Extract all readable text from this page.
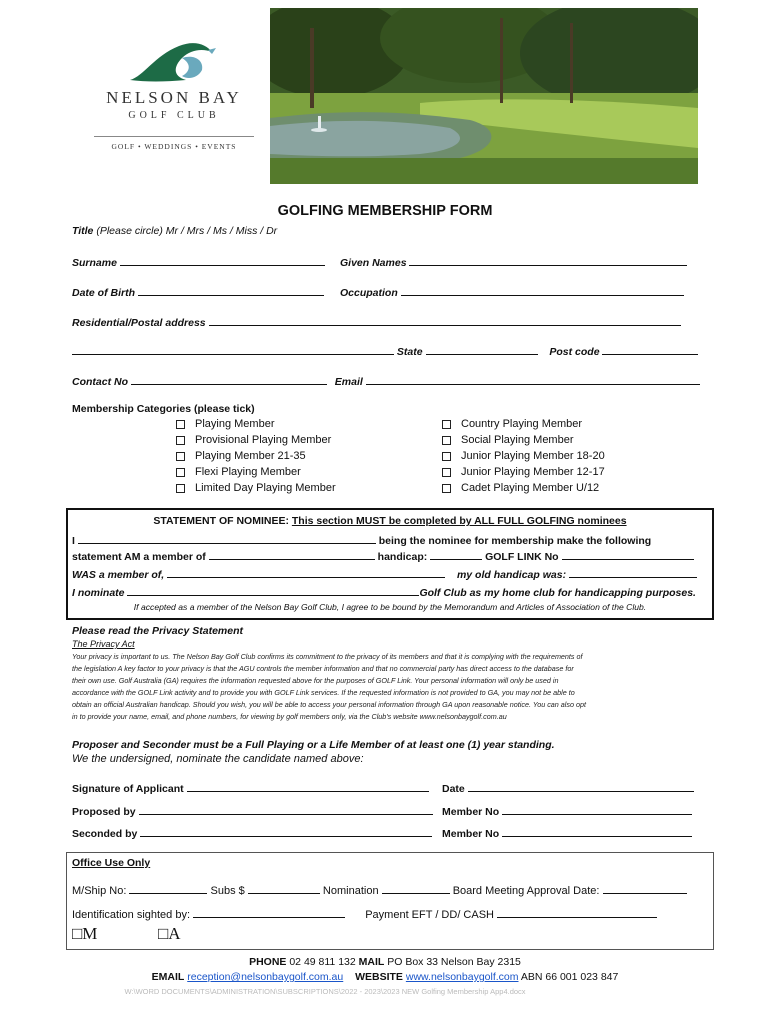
NELSON BAY
GOLF CLUB
GOLF • WEDDINGS • EVENTS
GOLFING MEMBERSHIP FORM
Title (Please circle) Mr / Mrs / Ms / Miss / Dr
Surname	Given Names
Date of Birth	Occupation
Residential/Postal address
State	Post code
Contact No	Email
Membership Categories (please tick)
Playing Member
Provisional Playing Member
Playing Member 21-35
Flexi Playing Member
Limited Day Playing Member
Country Playing Member
Social Playing Member
Junior Playing Member 18-20
Junior Playing Member 12-17
Cadet Playing Member U/12
STATEMENT OF NOMINEE: This section MUST be completed by ALL FULL GOLFING nominees
I	being the nominee for membership make the following
statement AM a member of	handicap:	GOLF LINK No
WAS a member of,	my old handicap was:
I nominate	Golf Club as my home club for handicapping purposes.
If accepted as a member of the Nelson Bay Golf Club, I agree to be bound by the Memorandum and Articles of Association of the Club.
Please read the Privacy Statement
The Privacy Act
Your privacy is important to us. The Nelson Bay Golf Club confirms its commitment to the privacy of its members and that it is complying with the requirements of
the legislation A key factor to your privacy is that the AGU controls the member information and that no commercial party has direct access to the database for
their own use. Golf Australia (GA) requires the information requested above for the purposes of GOLF Link. Your personal information will only be used in
accordance with the GOLF Link activity and to provide you with GOLF Link services. If the requested information is not provided to GA, you may not be able to
obtain an official Australian handicap. Should you wish, you will be able to access your personal information through GA upon reasonable notice. You can also opt
in to provide your name, email, and phone numbers, for viewing by golf members only, via the Club's website www.nelsonbaygolf.com.au
Proposer and Seconder must be a Full Playing or a Life Member of at least one (1) year standing.
We the undersigned, nominate the candidate named above:
Signature of Applicant	Date
Proposed by	Member No
Seconded by	Member No
Office Use Only
M/Ship No:	Subs $	Nomination	Board Meeting Approval Date:
Identification sighted by:	Payment EFT / DD/ CASH
□M	□A
PHONE 02 49 811 132 MAIL PO Box 33 Nelson Bay 2315
EMAIL reception@nelsonbaygolf.com.au WEBSITE www.nelsonbaygolf.com ABN 66 001 023 847
W:\WORD DOCUMENTS\ADMINISTRATION\SUBSCRIPTIONS\2022 - 2023\2023 NEW Golfing Membership App4.docx
